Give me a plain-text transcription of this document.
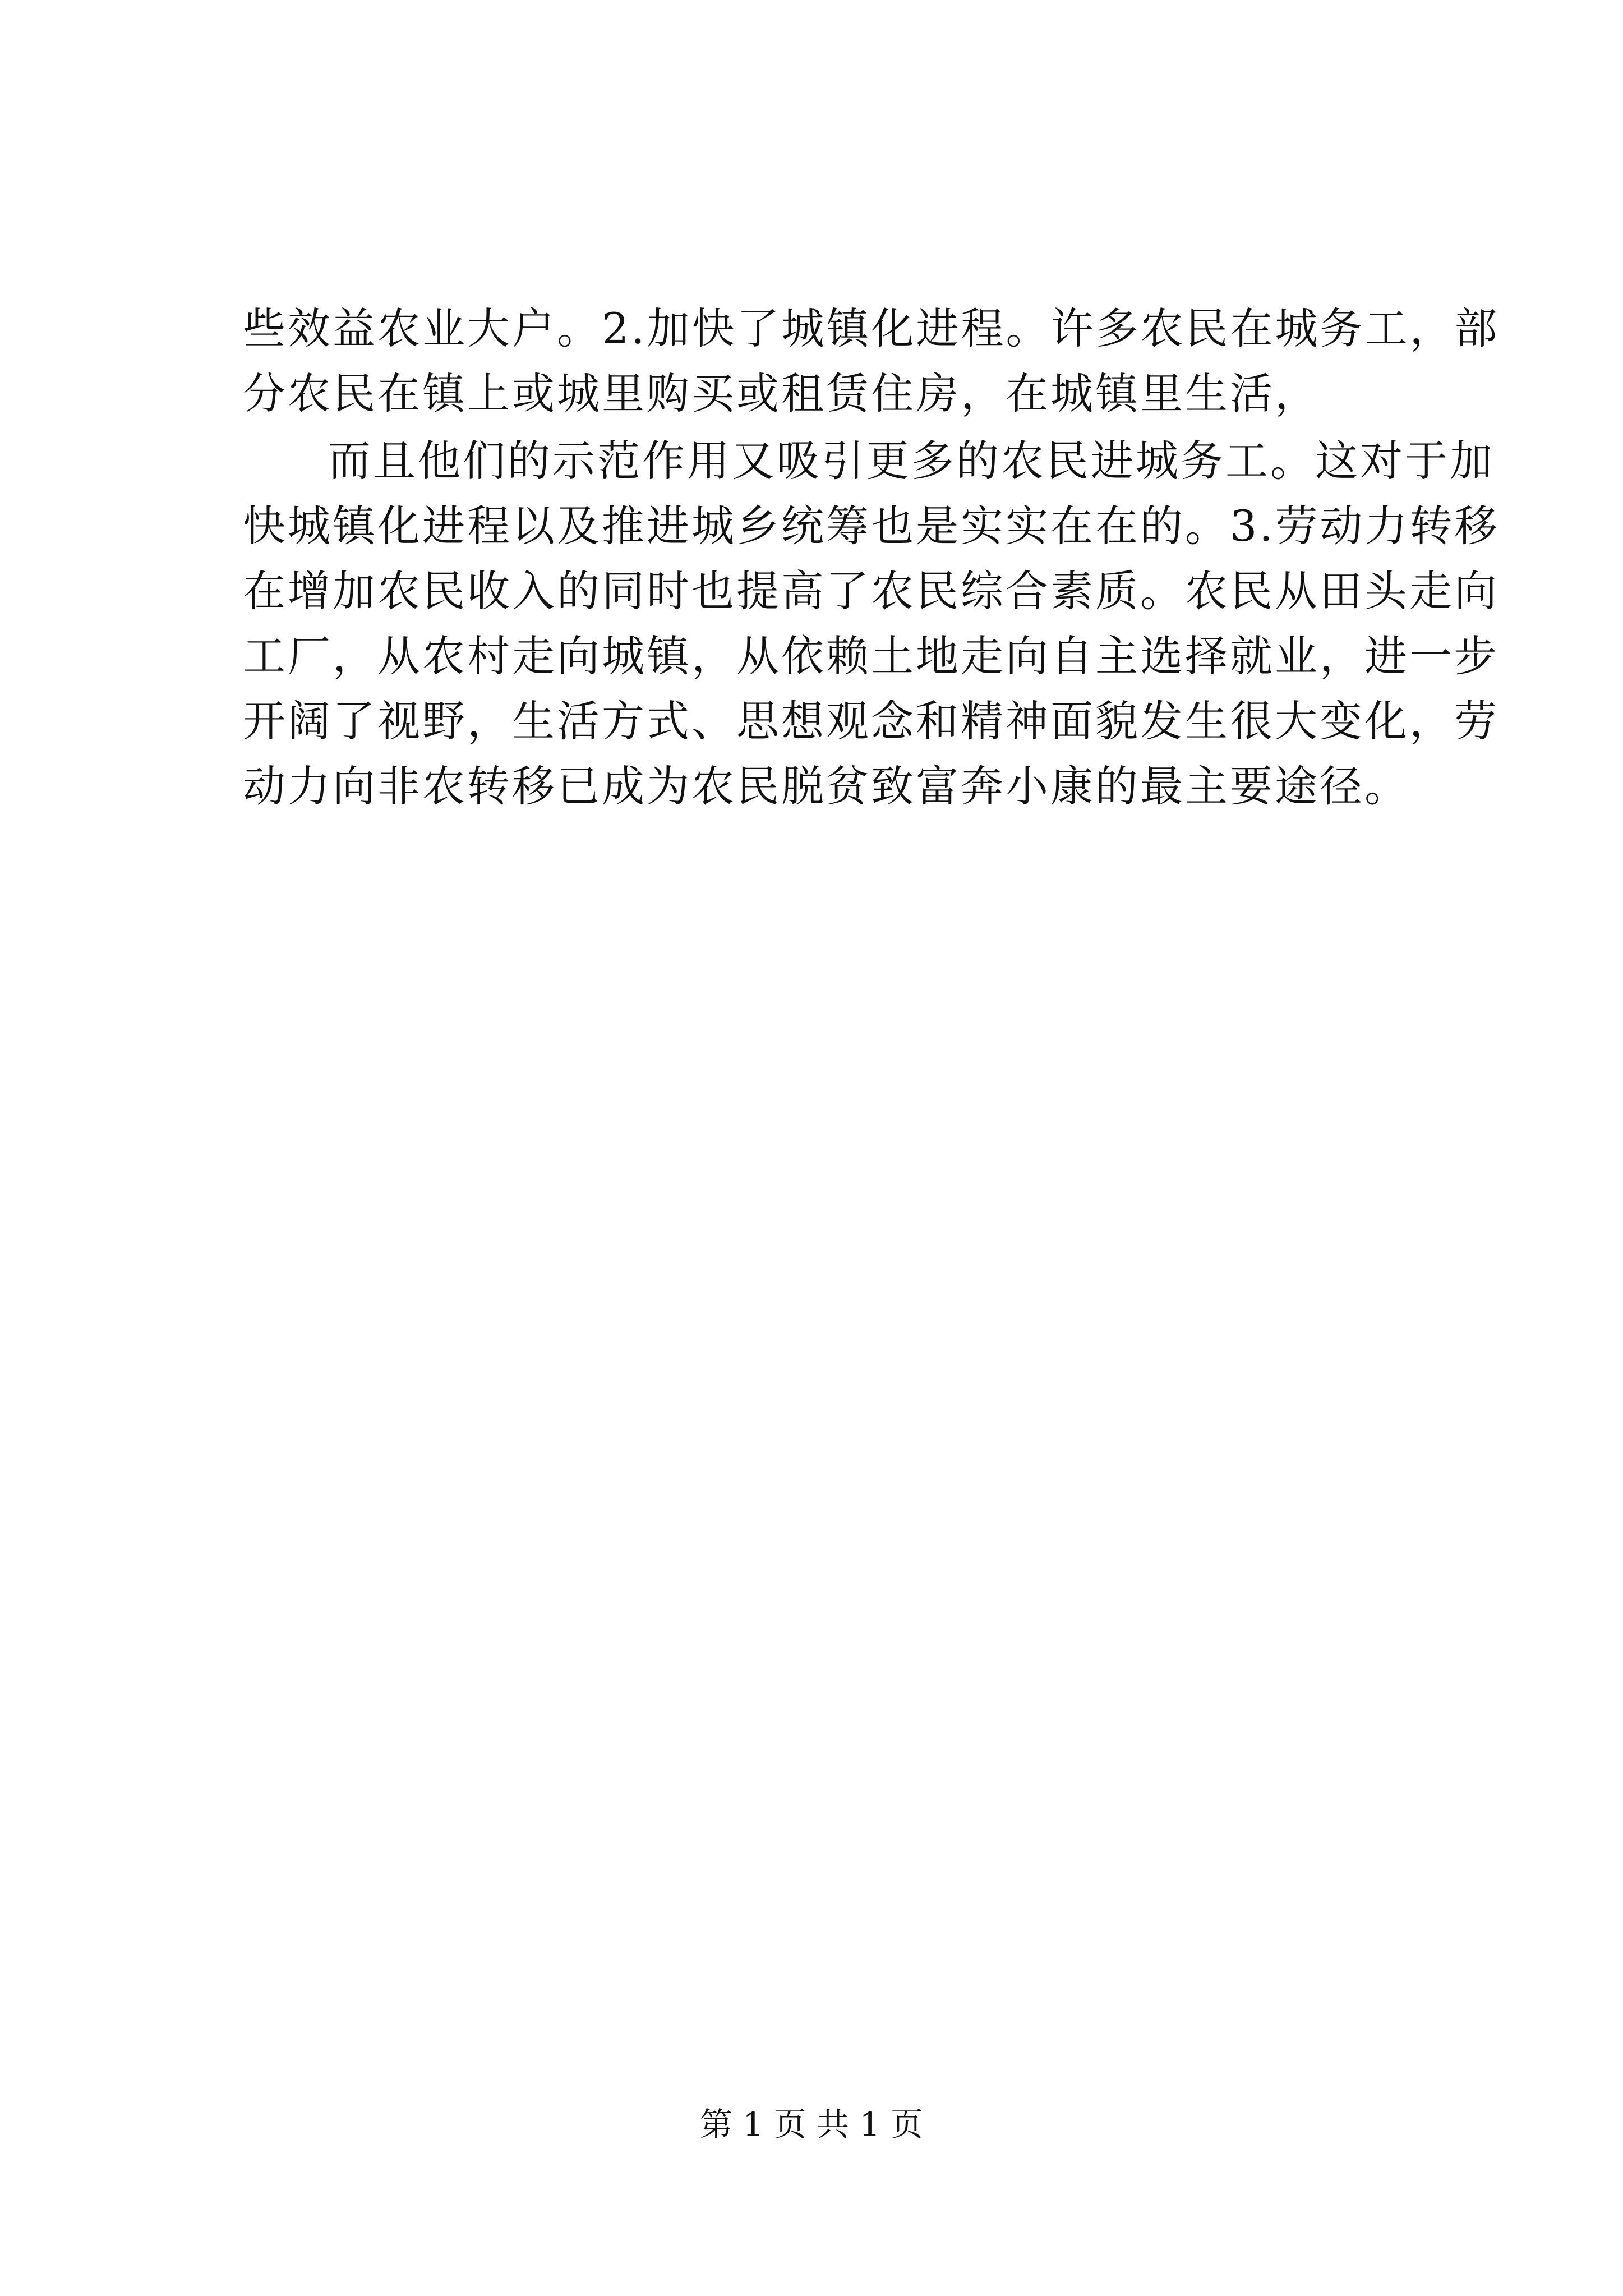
些效益农业大户。2.加快了城镇化进程。许多农民在城务工，部
分农民在镇上或城里购买或租赁住房，在城镇里生活，
而且他们的示范作用又吸引更多的农民进城务工。这对于加
快城镇化进程以及推进城乡统筹也是实实在在的。3.劳动力转移
在增加农民收入的同时也提高了农民综合素质。农民从田头走向
工厂，从农村走向城镇，从依赖土地走向自主选择就业，进一步
开阔了视野，生活方式、思想观念和精神面貌发生很大变化，劳
动力向非农转移已成为农民脱贫致富奔小康的最主要途径。
第 1 页 共 1 页
